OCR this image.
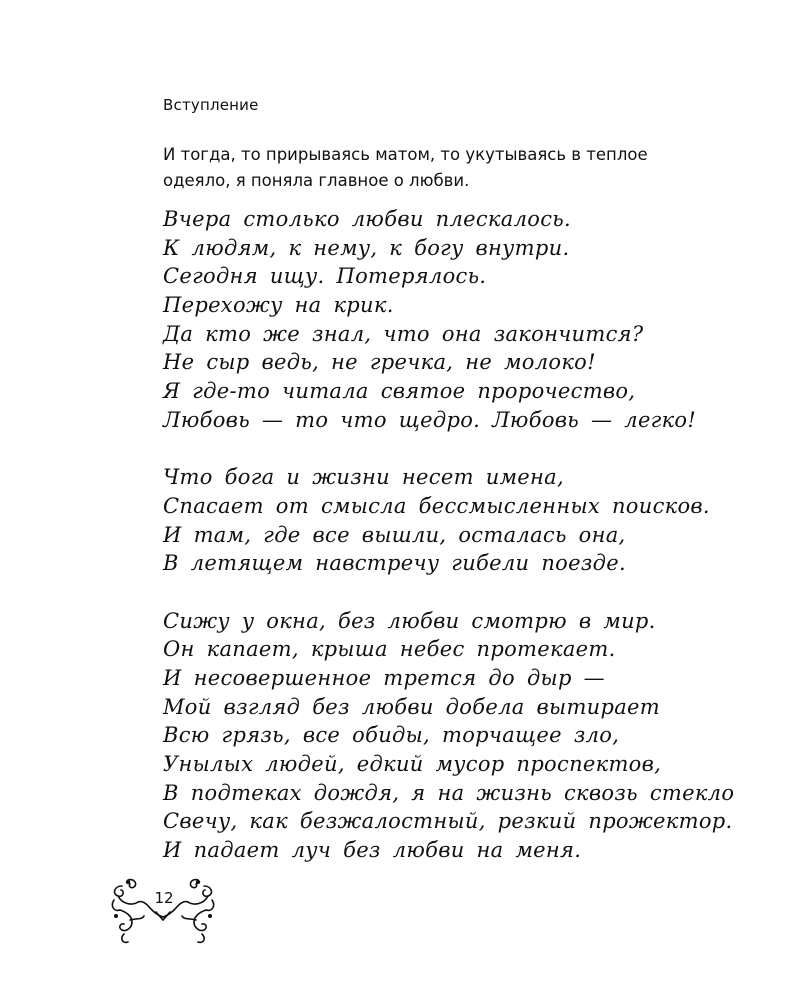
Вступление
И тогда, то прирываясь матом, то укутываясь в теплое
одеяло, я поняла главное о любви.
Вчера столько любви плескалось.
К людям, к нему, к богу внутри.
Сегодня ищу. Потерялось.
Перехожу на крик.
Да кто же знал, что она закончится?
Не сыр ведь, не гречка, не молоко!
Я где-то читала святое пророчество,
Любовь — то что щедро. Любовь — легко!
Что бога и жизни несет имена,
Спасает от смысла бессмысленных поисков.
И там, где все вышли, осталась она,
В летящем навстречу гибели поезде.
Сижу у окна, без любви смотрю в мир.
Он капает, крыша небес протекает.
И несовершенное трется до дыр —
Мой взгляд без любви добела вытирает
Всю грязь, все обиды, торчащее зло,
Унылых людей, едкий мусор проспектов,
В подтеках дождя, я на жизнь сквозь стекло
Свечу, как безжалостный, резкий прожектор.
И падает луч без любви на меня.
12
